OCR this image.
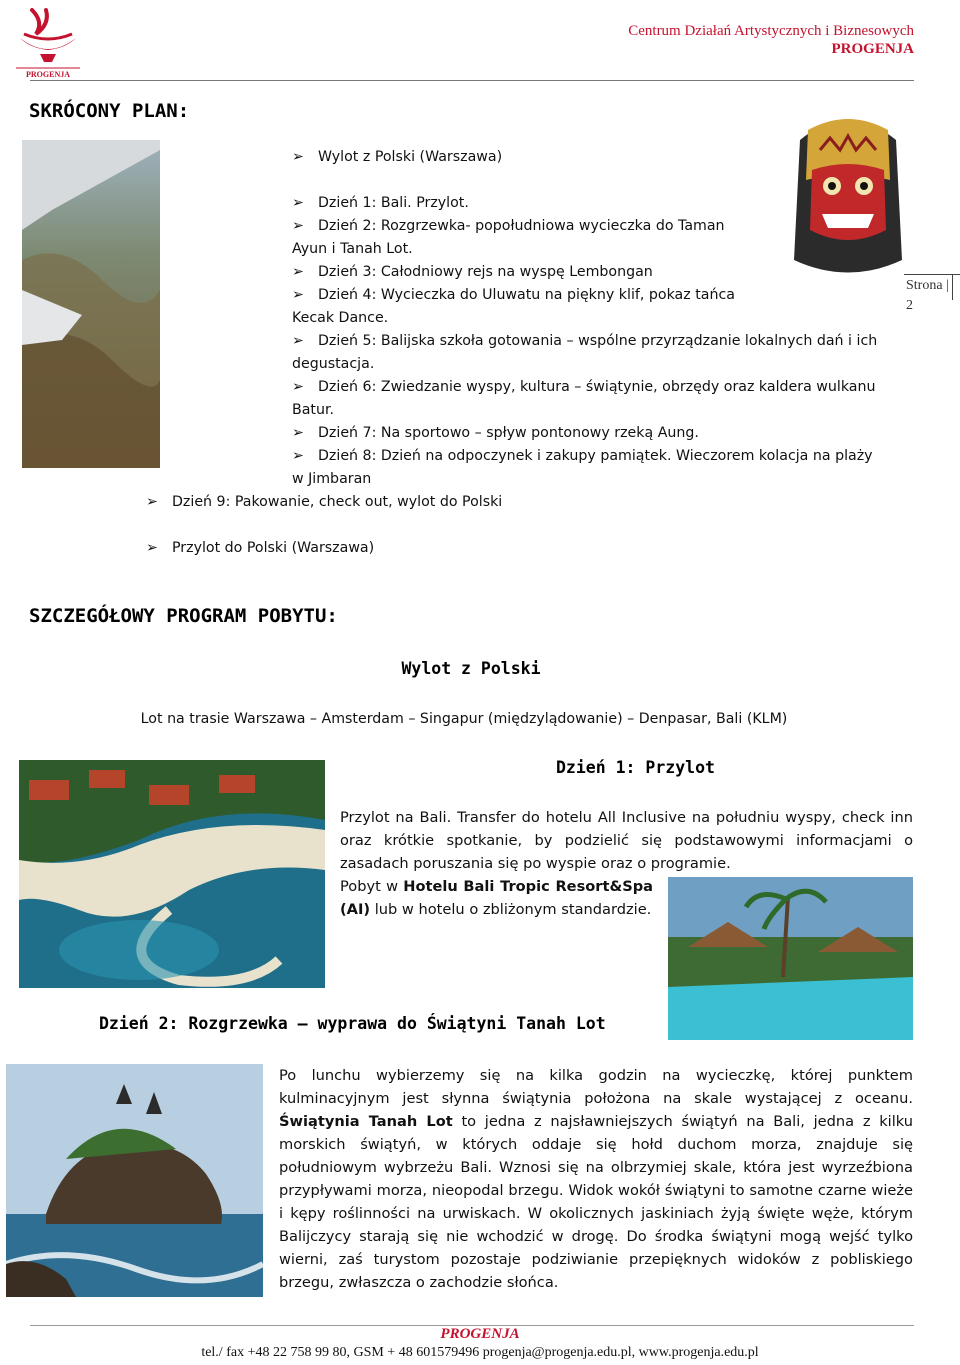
PROGENJA
Centrum Działań Artystycznych i Biznesowych
PROGENJA
Strona |
2
SKRÓCONY PLAN:
➢ Wylot z Polski (Warszawa)
➢ Dzień 1: Bali. Przylot.
➢ Dzień 2: Rozgrzewka- popołudniowa wycieczka do Taman
Ayun i Tanah Lot.
➢ Dzień 3: Całodniowy rejs na wyspę Lembongan
➢ Dzień 4: Wycieczka do Uluwatu na piękny klif, pokaz tańca
Kecak Dance.
➢ Dzień 5: Balijska szkoła gotowania – wspólne przyrządzanie lokalnych dań i ich
degustacja.
➢ Dzień 6: Zwiedzanie wyspy, kultura – świątynie, obrzędy oraz kaldera wulkanu
Batur.
➢ Dzień 7: Na sportowo – spływ pontonowy rzeką Aung.
➢ Dzień 8: Dzień na odpoczynek i zakupy pamiątek. Wieczorem kolacja na plaży
w Jimbaran
➢ Dzień 9: Pakowanie, check out, wylot do Polski
➢ Przylot do Polski (Warszawa)
SZCZEGÓŁOWY PROGRAM POBYTU:
Wylot z Polski
Lot na trasie Warszawa – Amsterdam – Singapur (międzylądowanie) – Denpasar, Bali (KLM)
Dzień 1: Przylot
Przylot na Bali. Transfer do hotelu All Inclusive na południu wyspy, check inn oraz krótkie spotkanie, by podzielić się podstawowymi informacjami o zasadach poruszania się po wyspie oraz o programie.
Pobyt w Hotelu Bali Tropic Resort&Spa (AI) lub w hotelu o zbliżonym standardzie.
Dzień 2: Rozgrzewka – wyprawa do Świątyni Tanah Lot
Po lunchu wybierzemy się na kilka godzin na wycieczkę, której punktem kulminacyjnym jest słynna świątynia położona na skale wystającej z oceanu. Świątynia Tanah Lot to jedna z najsławniejszych świątyń na Bali, jedna z kilku morskich świątyń, w których oddaje się hołd duchom morza, znajduje się południowym wybrzeżu Bali. Wznosi się na olbrzymiej skale, która jest wyrzeźbiona przypływami morza, nieopodal brzegu. Widok wokół świątyni to samotne czarne wieże i kępy roślinności na urwiskach. W okolicznych jaskiniach żyją święte węże, którym Balijczycy starają się nie wchodzić w drogę. Do środka świątyni mogą wejść tylko wierni, zaś turystom pozostaje podziwianie przepięknych widoków z pobliskiego brzegu, zwłaszcza o zachodzie słońca.
PROGENJA
tel./ fax +48 22 758 99 80, GSM + 48 601579496 progenja@progenja.edu.pl, www.progenja.edu.pl
